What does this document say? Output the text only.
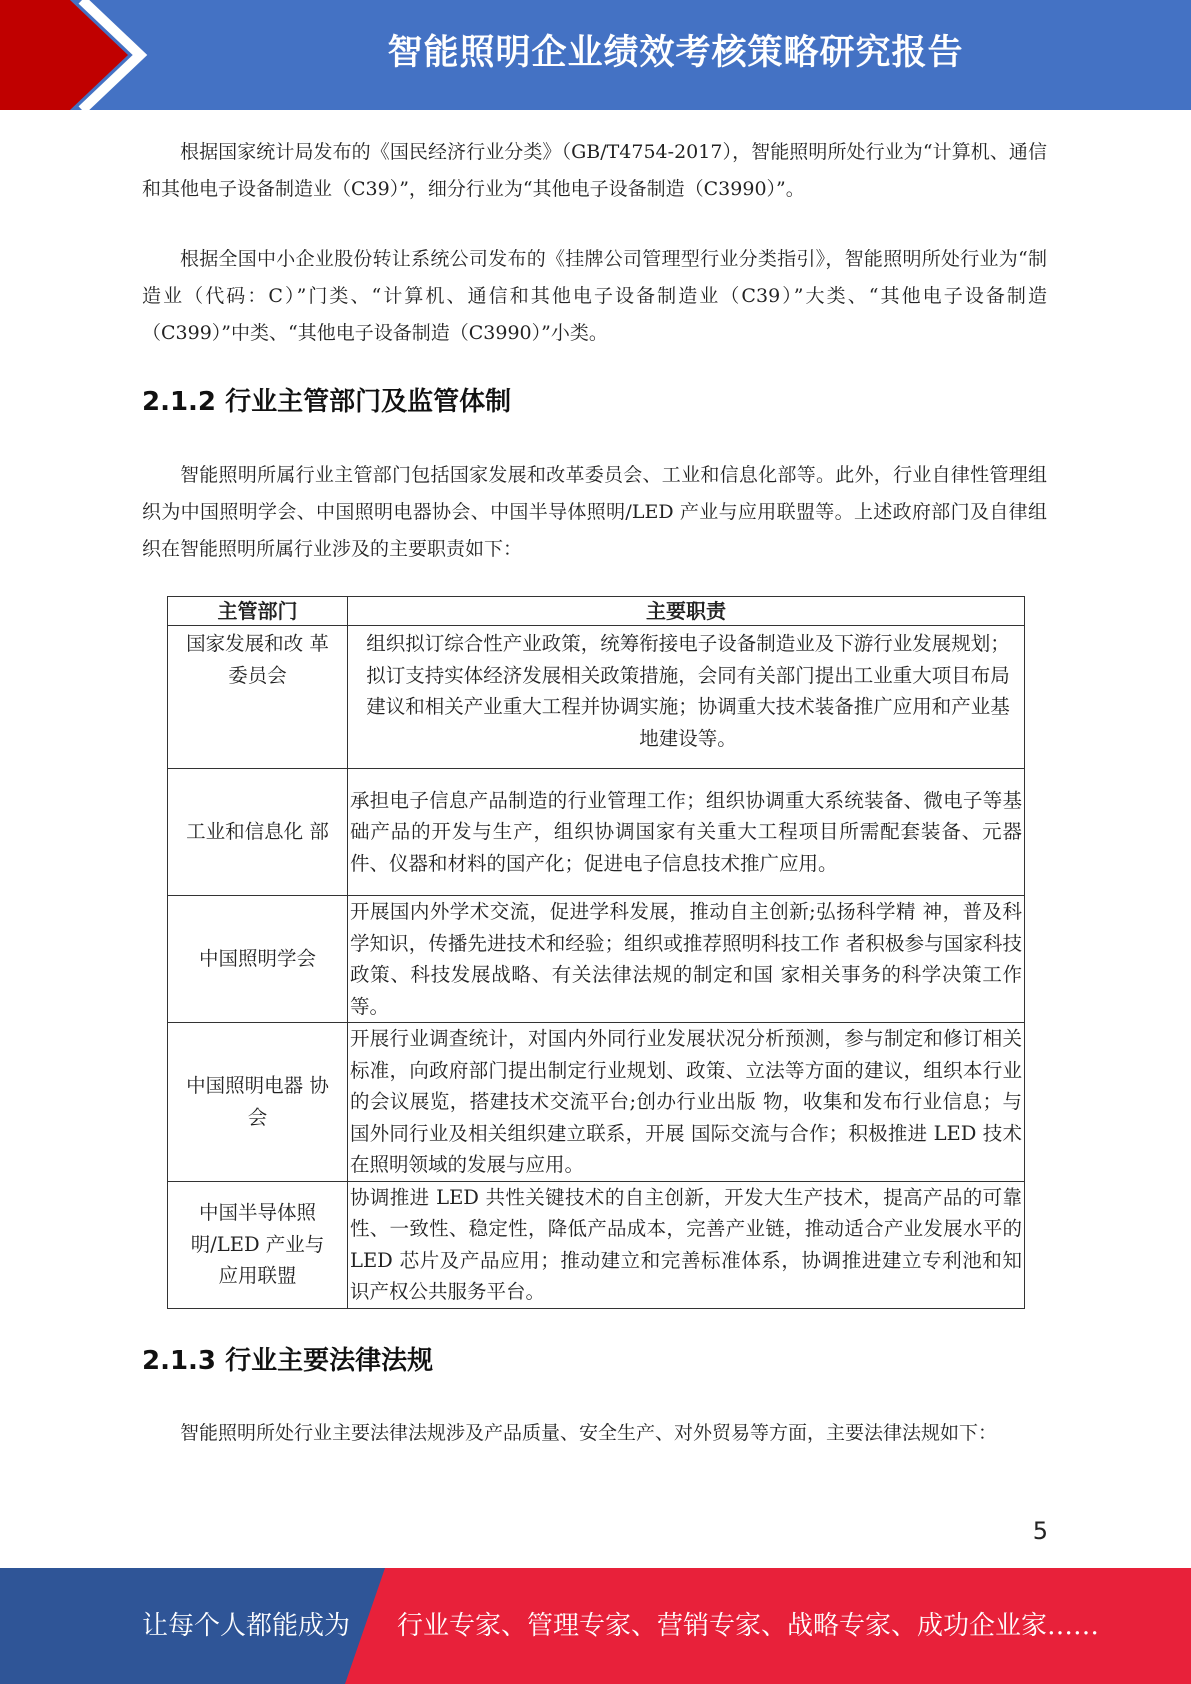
智能照明企业绩效考核策略研究报告

根据国家统计局发布的《国民经济行业分类》（GB/T4754-2017），智能照明所处行业为“计算机、通信和其他电子设备制造业（C39）”，细分行业为“其他电子设备制造（C3990）”。

根据全国中小企业股份转让系统公司发布的《挂牌公司管理型行业分类指引》，智能照明所处行业为“制造业（代码：C）”门类、“计算机、通信和其他电子设备制造业（C39）”大类、“其他电子设备制造（C399）”中类、“其他电子设备制造（C3990）”小类。

2.1.2 行业主管部门及监管体制

智能照明所属行业主管部门包括国家发展和改革委员会、工业和信息化部等。此外，行业自律性管理组织为中国照明学会、中国照明电器协会、中国半导体照明/LED 产业与应用联盟等。上述政府部门及自律组织在智能照明所属行业涉及的主要职责如下：

主管部门	主要职责
国家发展和改 革委员会	组织拟订综合性产业政策，统筹衔接电子设备制造业及下游行业发展规划；拟订支持实体经济发展相关政策措施，会同有关部门提出工业重大项目布局建议和相关产业重大工程并协调实施；协调重大技术装备推广应用和产业基地建设等。
工业和信息化 部	承担电子信息产品制造的行业管理工作；组织协调重大系统装备、微电子等基础产品的开发与生产，组织协调国家有关重大工程项目所需配套装备、元器件、仪器和材料的国产化；促进电子信息技术推广应用。
中国照明学会	开展国内外学术交流，促进学科发展，推动自主创新;弘扬科学精 神，普及科学知识，传播先进技术和经验；组织或推荐照明科技工作 者积极参与国家科技政策、科技发展战略、有关法律法规的制定和国 家相关事务的科学决策工作等。
中国照明电器 协会	开展行业调查统计，对国内外同行业发展状况分析预测，参与制定和修订相关标准，向政府部门提出制定行业规划、政策、立法等方面的建议，组织本行业的会议展览，搭建技术交流平台;创办行业出版 物，收集和发布行业信息；与国外同行业及相关组织建立联系，开展 国际交流与合作；积极推进 LED 技术在照明领域的发展与应用。
中国半导体照 明/LED 产业与 应用联盟	协调推进 LED 共性关键技术的自主创新，开发大生产技术，提高产品的可靠性、一致性、稳定性，降低产品成本，完善产业链，推动适合产业发展水平的 LED 芯片及产品应用；推动建立和完善标准体系，协调推进建立专利池和知识产权公共服务平台。
2.1.3 行业主要法律法规

智能照明所处行业主要法律法规涉及产品质量、安全生产、对外贸易等方面，主要法律法规如下：

5
让每个人都能成为 行业专家、管理专家、营销专家、战略专家、成功企业家……
